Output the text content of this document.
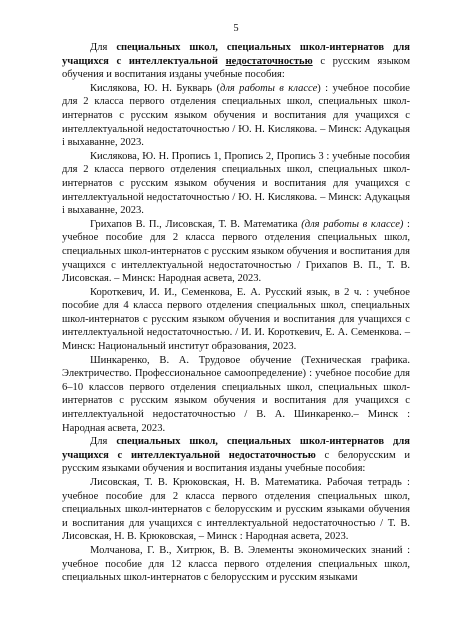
5

Для специальных школ, специальных школ-интернатов для учащихся с интеллектуальной недостаточностью с русским языком обучения и воспитания изданы учебные пособия:

Кислякова, Ю. Н. Букварь (для работы в классе) : учебное пособие для 2 класса первого отделения специальных школ, специальных школ-интернатов с русским языком обучения и воспитания для учащихся с интеллектуальной недостаточностью / Ю. Н. Кислякова. – Минск: Адукацыя і выхаванне, 2023.

Кислякова, Ю. Н. Пропись 1, Пропись 2, Пропись 3 : учебные пособия для 2 класса первого отделения специальных школ, специальных школ-интернатов с русским языком обучения и воспитания для учащихся с интеллектуальной недостаточностью / Ю. Н. Кислякова. – Минск: Адукацыя і выхаванне, 2023.

Грихапов В. П., Лисовская, Т. В. Математика (для работы в классе) : учебное пособие для 2 класса первого отделения специальных школ, специальных школ-интернатов с русским языком обучения и воспитания для учащихся с интеллектуальной недостаточностью / Грихапов В. П., Т. В. Лисовская. – Минск: Народная асвета, 2023.

Короткевич, И. И., Семенкова, Е. А. Русский язык, в 2 ч. : учебное пособие для 4 класса первого отделения специальных школ, специальных школ-интернатов с русским языком обучения и воспитания для учащихся с интеллектуальной недостаточностью. / И. И. Короткевич, Е. А. Семенкова. – Минск: Национальный институт образования, 2023.

Шинкаренко, В. А. Трудовое обучение (Техническая графика. Электричество. Профессиональное самоопределение) : учебное пособие для 6–10 классов первого отделения специальных школ, специальных школ-интернатов с русским языком обучения и воспитания для учащихся с интеллектуальной недостаточностью / В. А. Шинкаренко.– Минск : Народная асвета, 2023.

Для специальных школ, специальных школ-интернатов для учащихся с интеллектуальной недостаточностью с белорусским и русским языками обучения и воспитания изданы учебные пособия:

Лисовская, Т. В. Крюковская, Н. В. Математика. Рабочая тетрадь : учебное пособие для 2 класса первого отделения специальных школ, специальных школ-интернатов с белорусским и русским языками обучения и воспитания для учащихся с интеллектуальной недостаточностью / Т. В. Лисовская, Н. В. Крюковская, – Минск : Народная асвета, 2023.

Молчанова, Г. В., Хитрюк, В. В. Элементы экономических знаний : учебное пособие для 12 класса первого отделения специальных школ, специальных школ-интернатов с белорусским и русским языками
